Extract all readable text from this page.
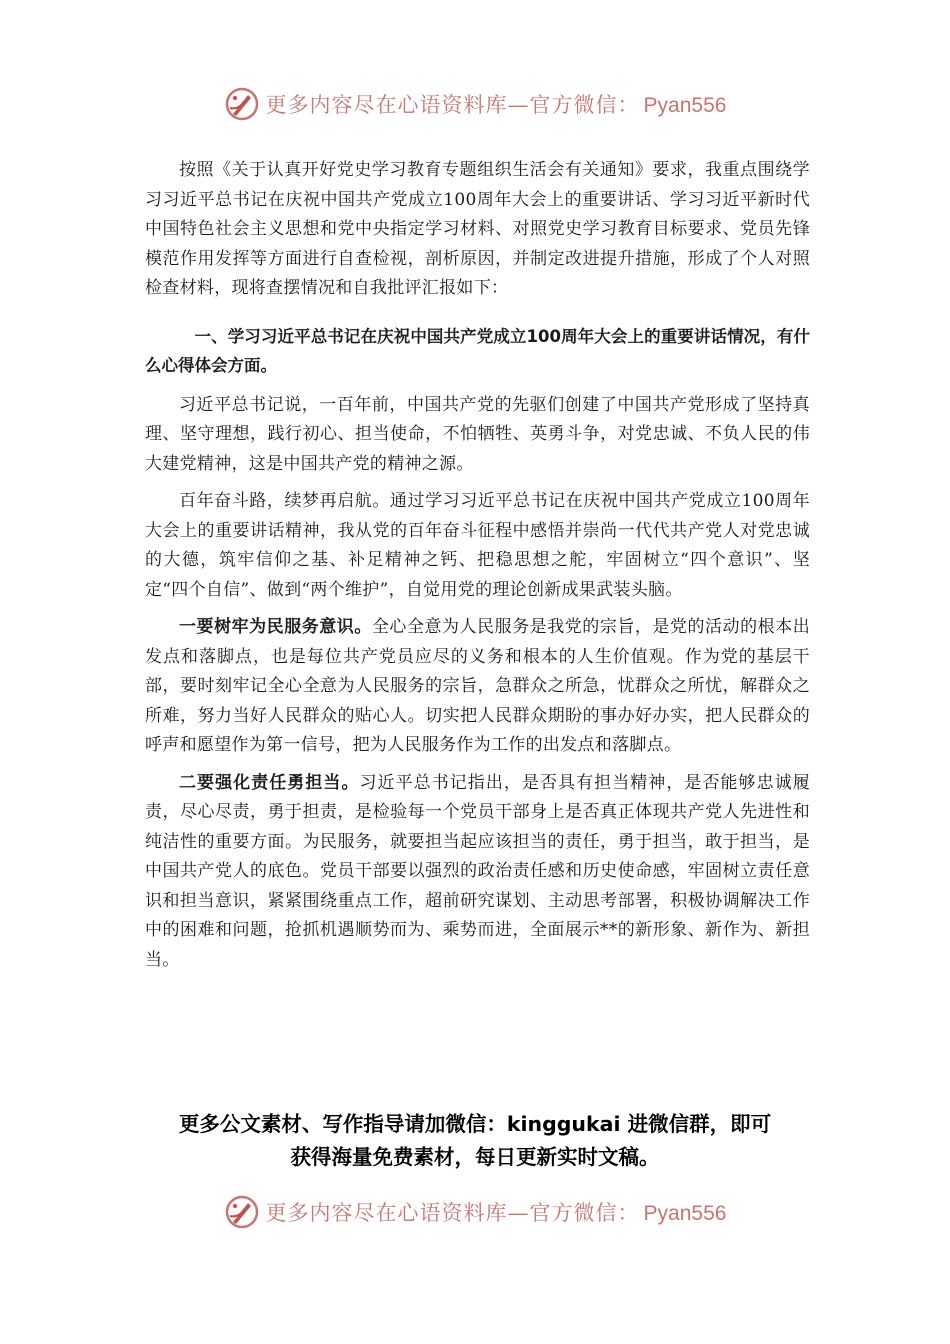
更多内容尽在心语资料库—官方微信： Pyan556

按照《关于认真开好党史学习教育专题组织生活会有关通知》要求，我重点围绕学习习近平总书记在庆祝中国共产党成立100周年大会上的重要讲话、学习习近平新时代中国特色社会主义思想和党中央指定学习材料、对照党史学习教育目标要求、党员先锋模范作用发挥等方面进行自查检视，剖析原因，并制定改进提升措施，形成了个人对照检查材料，现将查摆情况和自我批评汇报如下：

一、学习习近平总书记在庆祝中国共产党成立100周年大会上的重要讲话情况，有什么心得体会方面。

习近平总书记说，一百年前，中国共产党的先驱们创建了中国共产党形成了坚持真理、坚守理想，践行初心、担当使命，不怕牺牲、英勇斗争，对党忠诚、不负人民的伟大建党精神，这是中国共产党的精神之源。

百年奋斗路，续梦再启航。通过学习习近平总书记在庆祝中国共产党成立100周年大会上的重要讲话精神，我从党的百年奋斗征程中感悟并崇尚一代代共产党人对党忠诚的大德，筑牢信仰之基、补足精神之钙、把稳思想之舵，牢固树立“四个意识”、坚定“四个自信”、做到“两个维护”，自觉用党的理论创新成果武装头脑。

一要树牢为民服务意识。全心全意为人民服务是我党的宗旨，是党的活动的根本出发点和落脚点，也是每位共产党员应尽的义务和根本的人生价值观。作为党的基层干部，要时刻牢记全心全意为人民服务的宗旨，急群众之所急，忧群众之所忧，解群众之所难，努力当好人民群众的贴心人。切实把人民群众期盼的事办好办实，把人民群众的呼声和愿望作为第一信号，把为人民服务作为工作的出发点和落脚点。

二要强化责任勇担当。习近平总书记指出，是否具有担当精神，是否能够忠诚履责，尽心尽责，勇于担责，是检验每一个党员干部身上是否真正体现共产党人先进性和纯洁性的重要方面。为民服务，就要担当起应该担当的责任，勇于担当，敢于担当，是中国共产党人的底色。党员干部要以强烈的政治责任感和历史使命感，牢固树立责任意识和担当意识，紧紧围绕重点工作，超前研究谋划、主动思考部署，积极协调解决工作中的困难和问题，抢抓机遇顺势而为、乘势而进，全面展示**的新形象、新作为、新担当。

更多公文素材、写作指导请加微信：kinggukai 进微信群，即可
获得海量免费素材，每日更新实时文稿。
更多内容尽在心语资料库—官方微信： Pyan556
